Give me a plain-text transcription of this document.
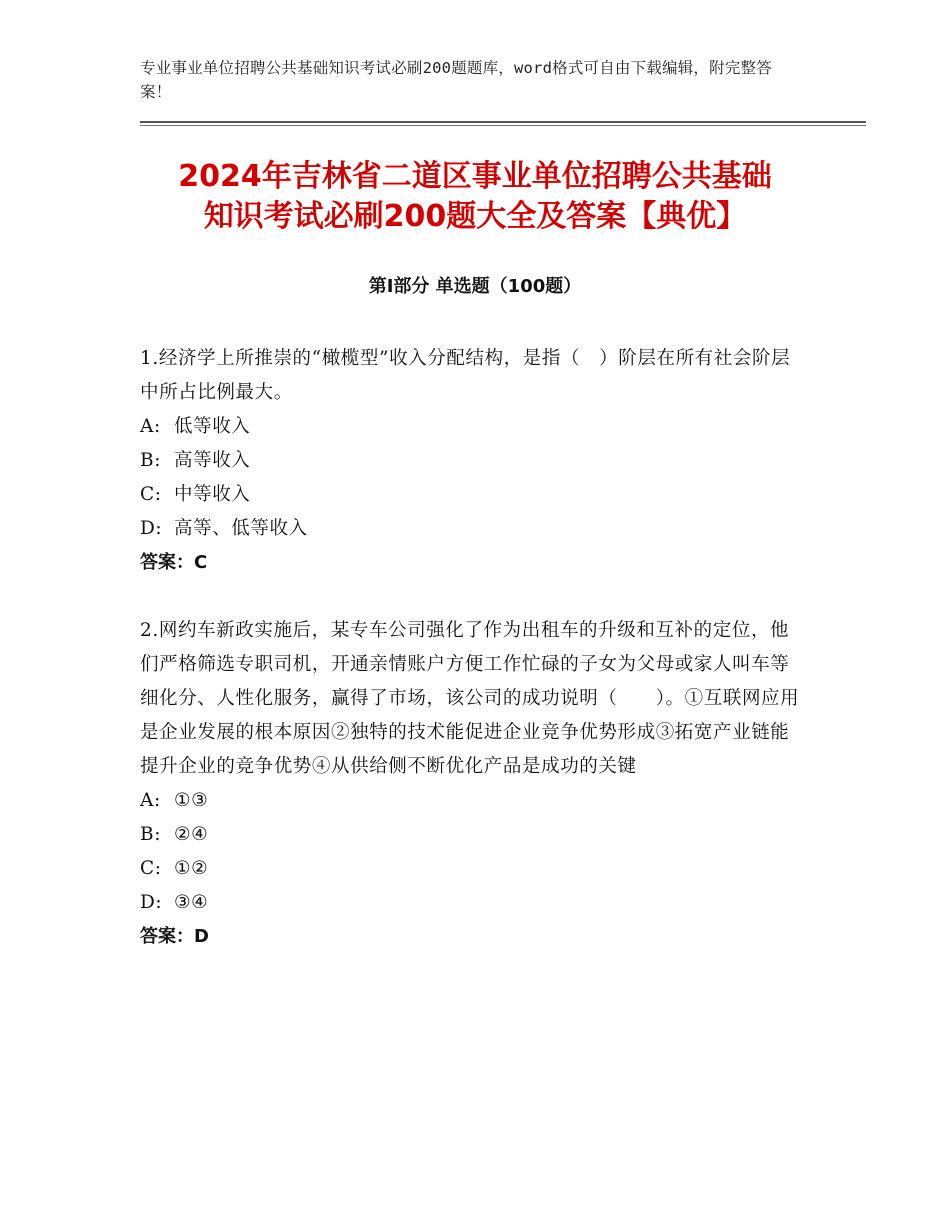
专业事业单位招聘公共基础知识考试必刷200题题库，word格式可自由下载编辑，附完整答案！
2024年吉林省二道区事业单位招聘公共基础
知识考试必刷200题大全及答案【典优】
第Ⅰ部分 单选题（100题）

1.经济学上所推崇的“橄榄型”收入分配结构，是指（　）阶层在所有社会阶层中所占比例最大。

A: 低等收入

B: 高等收入

C: 中等收入

D: 高等、低等收入

答案：C

2.网约车新政实施后，某专车公司强化了作为出租车的升级和互补的定位，他们严格筛选专职司机，开通亲情账户方便工作忙碌的子女为父母或家人叫车等细化分、人性化服务，赢得了市场，该公司的成功说明（　　）。①互联网应用是企业发展的根本原因②独特的技术能促进企业竞争优势形成③拓宽产业链能提升企业的竞争优势④从供给侧不断优化产品是成功的关键

A: ①③

B: ②④

C: ①②

D: ③④

答案：D
